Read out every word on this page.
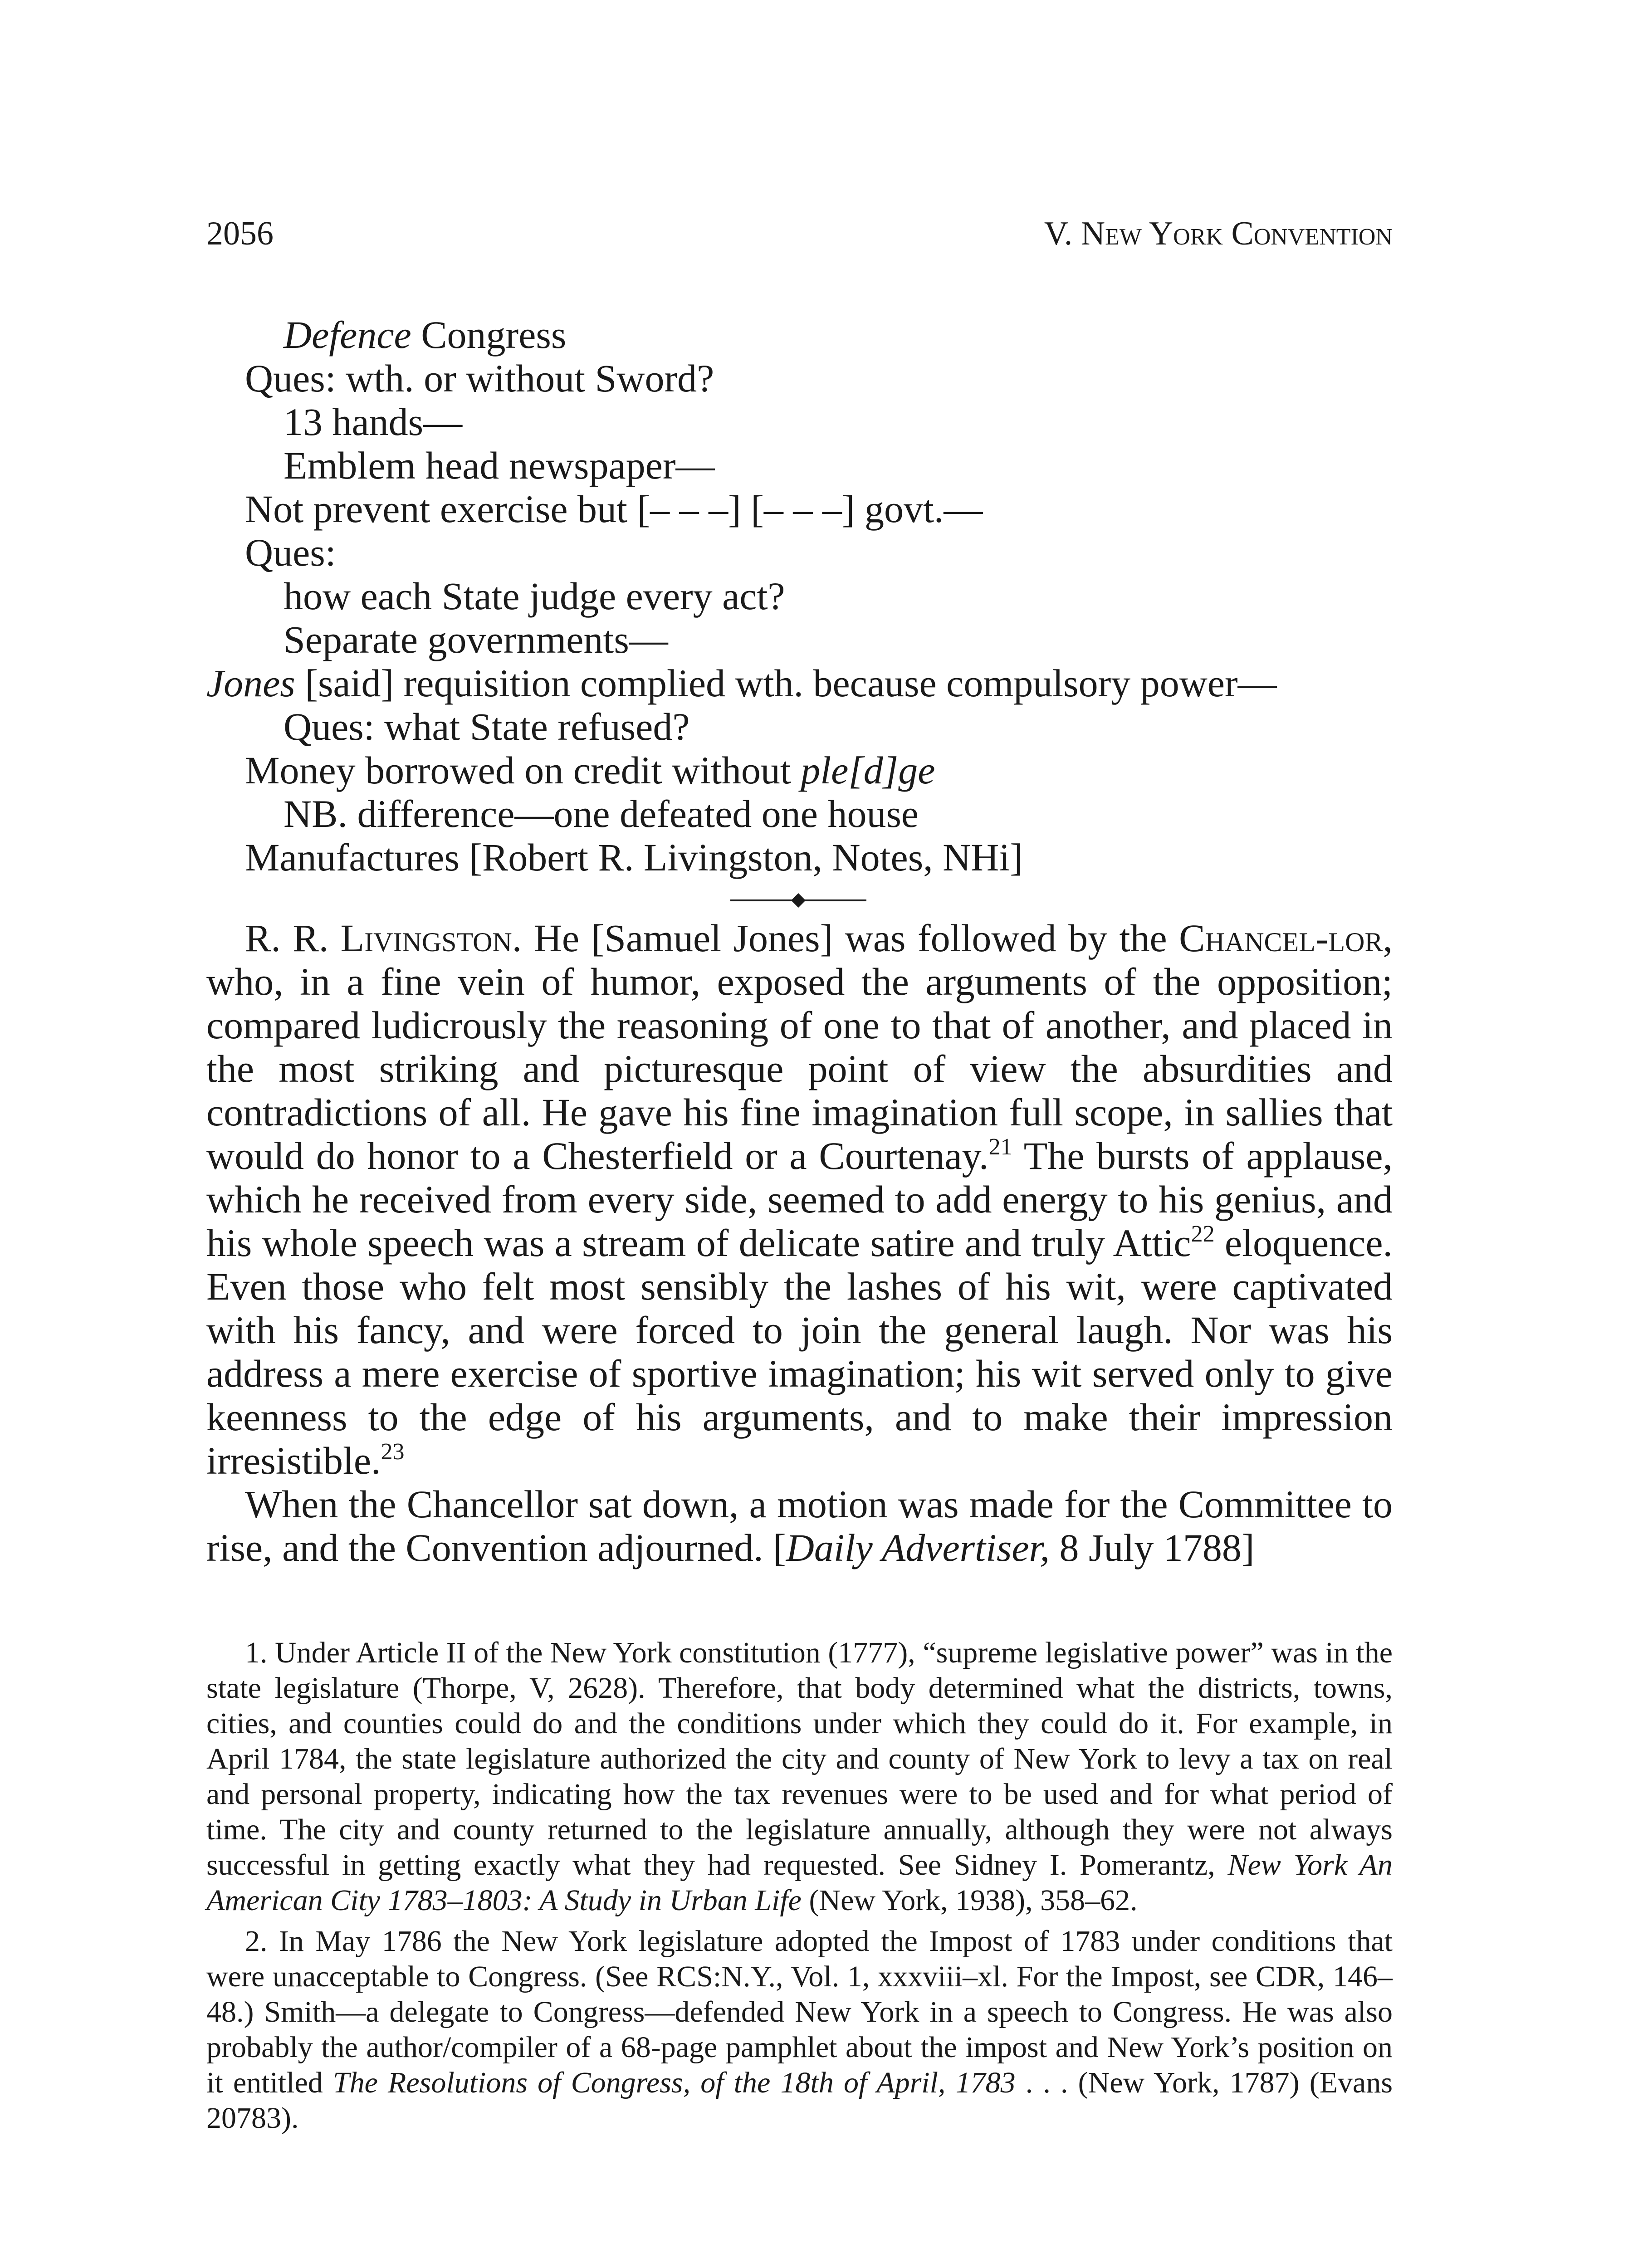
2056	V. New York Convention
Defence Congress
Ques: wth. or without Sword?
13 hands—
Emblem head newspaper—
Not prevent exercise but [– – –] [– – –] govt.—
Ques:
how each State judge every act?
Separate governments—
Jones [said] requisition complied wth. because compulsory power—
Ques: what State refused?
Money borrowed on credit without ple[d]ge
NB. difference—one defeated one house
Manufactures [Robert R. Livingston, Notes, NHi]

R. R. Livingston. He [Samuel Jones] was followed by the Chancel-lor, who, in a fine vein of humor, exposed the arguments of the opposition; compared ludicrously the reasoning of one to that of another, and placed in the most striking and picturesque point of view the absurdities and contradictions of all. He gave his fine imagination full scope, in sallies that would do honor to a Chesterfield or a Courtenay.$^{21}$ The bursts of applause, which he received from every side, seemed to add energy to his genius, and his whole speech was a stream of delicate satire and truly Attic$^{22}$ eloquence. Even those who felt most sensibly the lashes of his wit, were captivated with his fancy, and were forced to join the general laugh. Nor was his address a mere exercise of sportive imagination; his wit served only to give keenness to the edge of his arguments, and to make their impression irresistible.$^{23}$

When the Chancellor sat down, a motion was made for the Committee to rise, and the Convention adjourned. [Daily Advertiser, 8 July 1788]

1. Under Article II of the New York constitution (1777), “supreme legislative power” was in the state legislature (Thorpe, V, 2628). Therefore, that body determined what the districts, towns, cities, and counties could do and the conditions under which they could do it. For example, in April 1784, the state legislature authorized the city and county of New York to levy a tax on real and personal property, indicating how the tax revenues were to be used and for what period of time. The city and county returned to the legislature annually, although they were not always successful in getting exactly what they had requested. See Sidney I. Pomerantz, New York An American City 1783–1803: A Study in Urban Life (New York, 1938), 358–62.

2. In May 1786 the New York legislature adopted the Impost of 1783 under conditions that were unacceptable to Congress. (See RCS:N.Y., Vol. 1, xxxviii–xl. For the Impost, see CDR, 146–48.) Smith—a delegate to Congress—defended New York in a speech to Congress. He was also probably the author/compiler of a 68-page pamphlet about the impost and New York’s position on it entitled The Resolutions of Congress, of the 18th of April, 1783 . . . (New York, 1787) (Evans 20783).
